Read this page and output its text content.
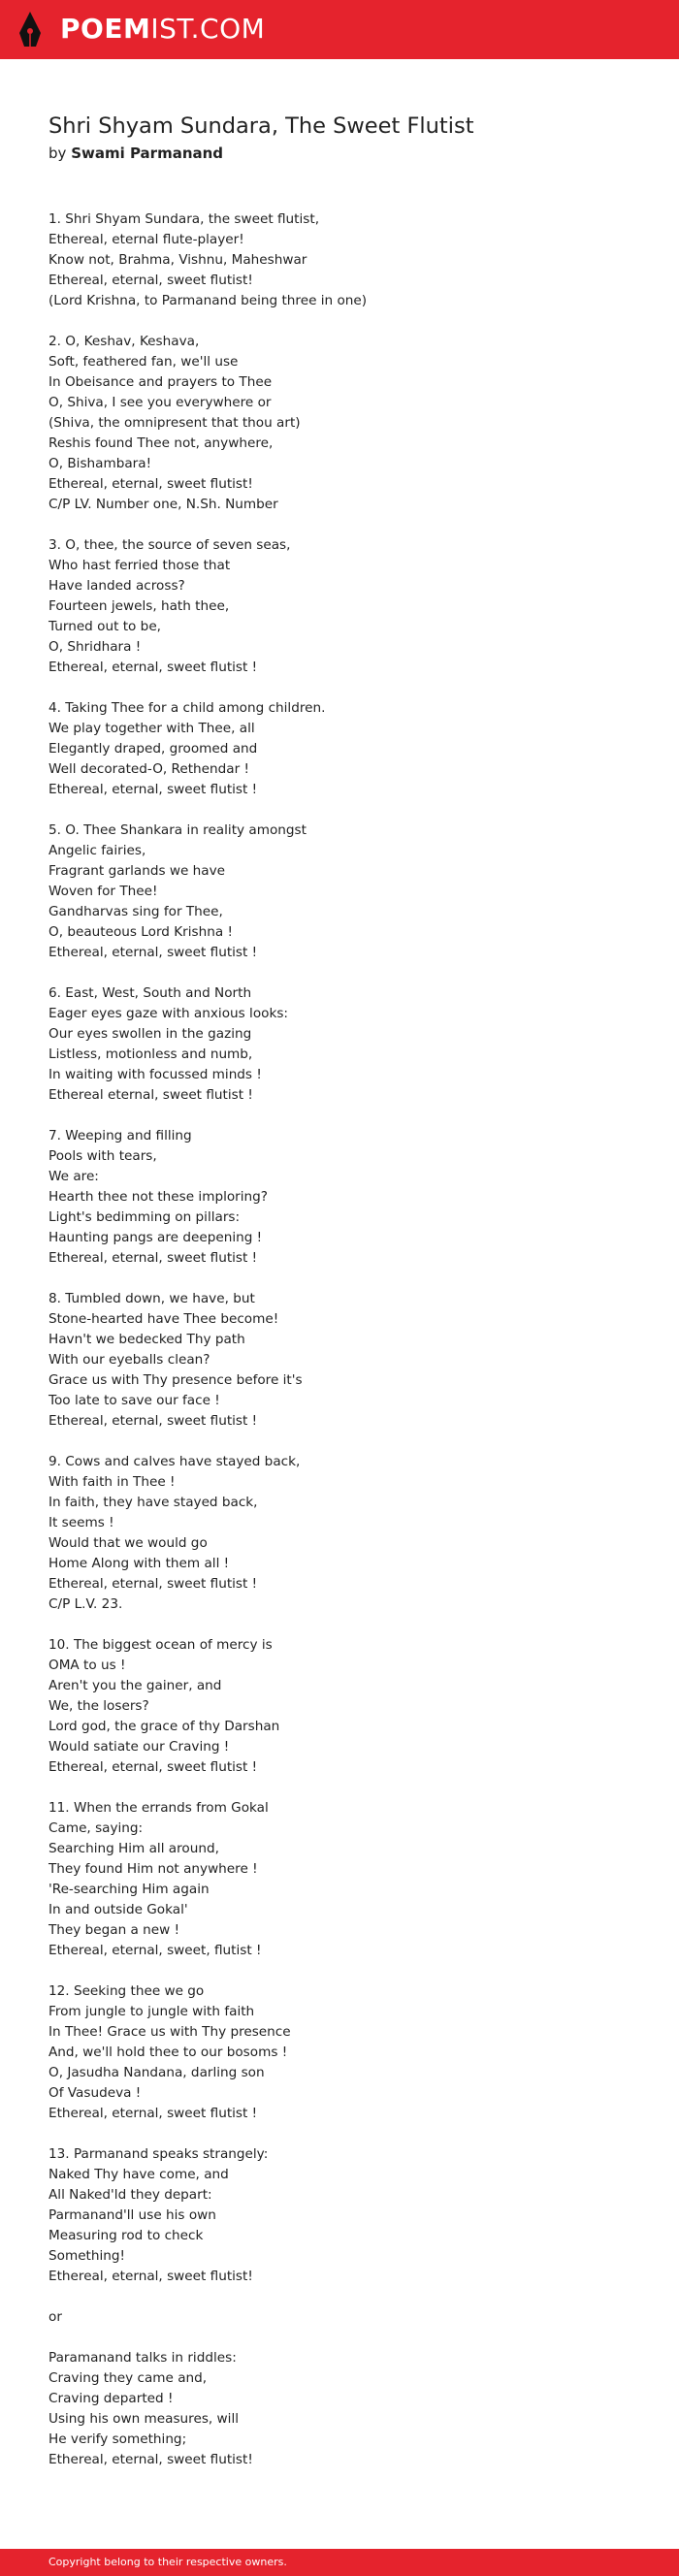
POEMIST.COM
Shri Shyam Sundara, The Sweet Flutist
by Swami Parmanand
1. Shri Shyam Sundara, the sweet flutist,
Ethereal, eternal flute-player!
Know not, Brahma, Vishnu, Maheshwar
Ethereal, eternal, sweet flutist!
(Lord Krishna, to Parmanand being three in one)
2. O, Keshav, Keshava,
Soft, feathered fan, we'll use
In Obeisance and prayers to Thee
O, Shiva, I see you everywhere or
(Shiva, the omnipresent that thou art)
Reshis found Thee not, anywhere,
O, Bishambara!
Ethereal, eternal, sweet flutist!
C/P LV. Number one, N.Sh. Number
3. O, thee, the source of seven seas,
Who hast ferried those that
Have landed across?
Fourteen jewels, hath thee,
Turned out to be,
O, Shridhara !
Ethereal, eternal, sweet flutist !
4. Taking Thee for a child among children.
We play together with Thee, all
Elegantly draped, groomed and
Well decorated-O, Rethendar !
Ethereal, eternal, sweet flutist !
5. O. Thee Shankara in reality amongst
Angelic fairies,
Fragrant garlands we have
Woven for Thee!
Gandharvas sing for Thee,
O, beauteous Lord Krishna !
Ethereal, eternal, sweet flutist !
6. East, West, South and North
Eager eyes gaze with anxious looks:
Our eyes swollen in the gazing
Listless, motionless and numb,
In waiting with focussed minds !
Ethereal eternal, sweet flutist !
7. Weeping and filling
Pools with tears,
We are:
Hearth thee not these imploring?
Light's bedimming on pillars:
Haunting pangs are deepening !
Ethereal, eternal, sweet flutist !
8. Tumbled down, we have, but
Stone-hearted have Thee become!
Havn't we bedecked Thy path
With our eyeballs clean?
Grace us with Thy presence before it's
Too late to save our face !
Ethereal, eternal, sweet flutist !
9. Cows and calves have stayed back,
With faith in Thee !
In faith, they have stayed back,
It seems !
Would that we would go
Home Along with them all !
Ethereal, eternal, sweet flutist !
C/P L.V. 23.
10. The biggest ocean of mercy is
OMA to us !
Aren't you the gainer, and
We, the losers?
Lord god, the grace of thy Darshan
Would satiate our Craving !
Ethereal, eternal, sweet flutist !
11. When the errands from Gokal
Came, saying:
Searching Him all around,
They found Him not anywhere !
'Re-searching Him again
In and outside Gokal'
They began a new !
Ethereal, eternal, sweet, flutist !
12. Seeking thee we go
From jungle to jungle with faith
In Thee! Grace us with Thy presence
And, we'll hold thee to our bosoms !
O, Jasudha Nandana, darling son
Of Vasudeva !
Ethereal, eternal, sweet flutist !
13. Parmanand speaks strangely:
Naked Thy have come, and
All Naked'ld they depart:
Parmanand'll use his own
Measuring rod to check
Something!
Ethereal, eternal, sweet flutist!
or
Paramanand talks in riddles:
Craving they came and,
Craving departed !
Using his own measures, will
He verify something;
Ethereal, eternal, sweet flutist!
Copyright belong to their respective owners.
